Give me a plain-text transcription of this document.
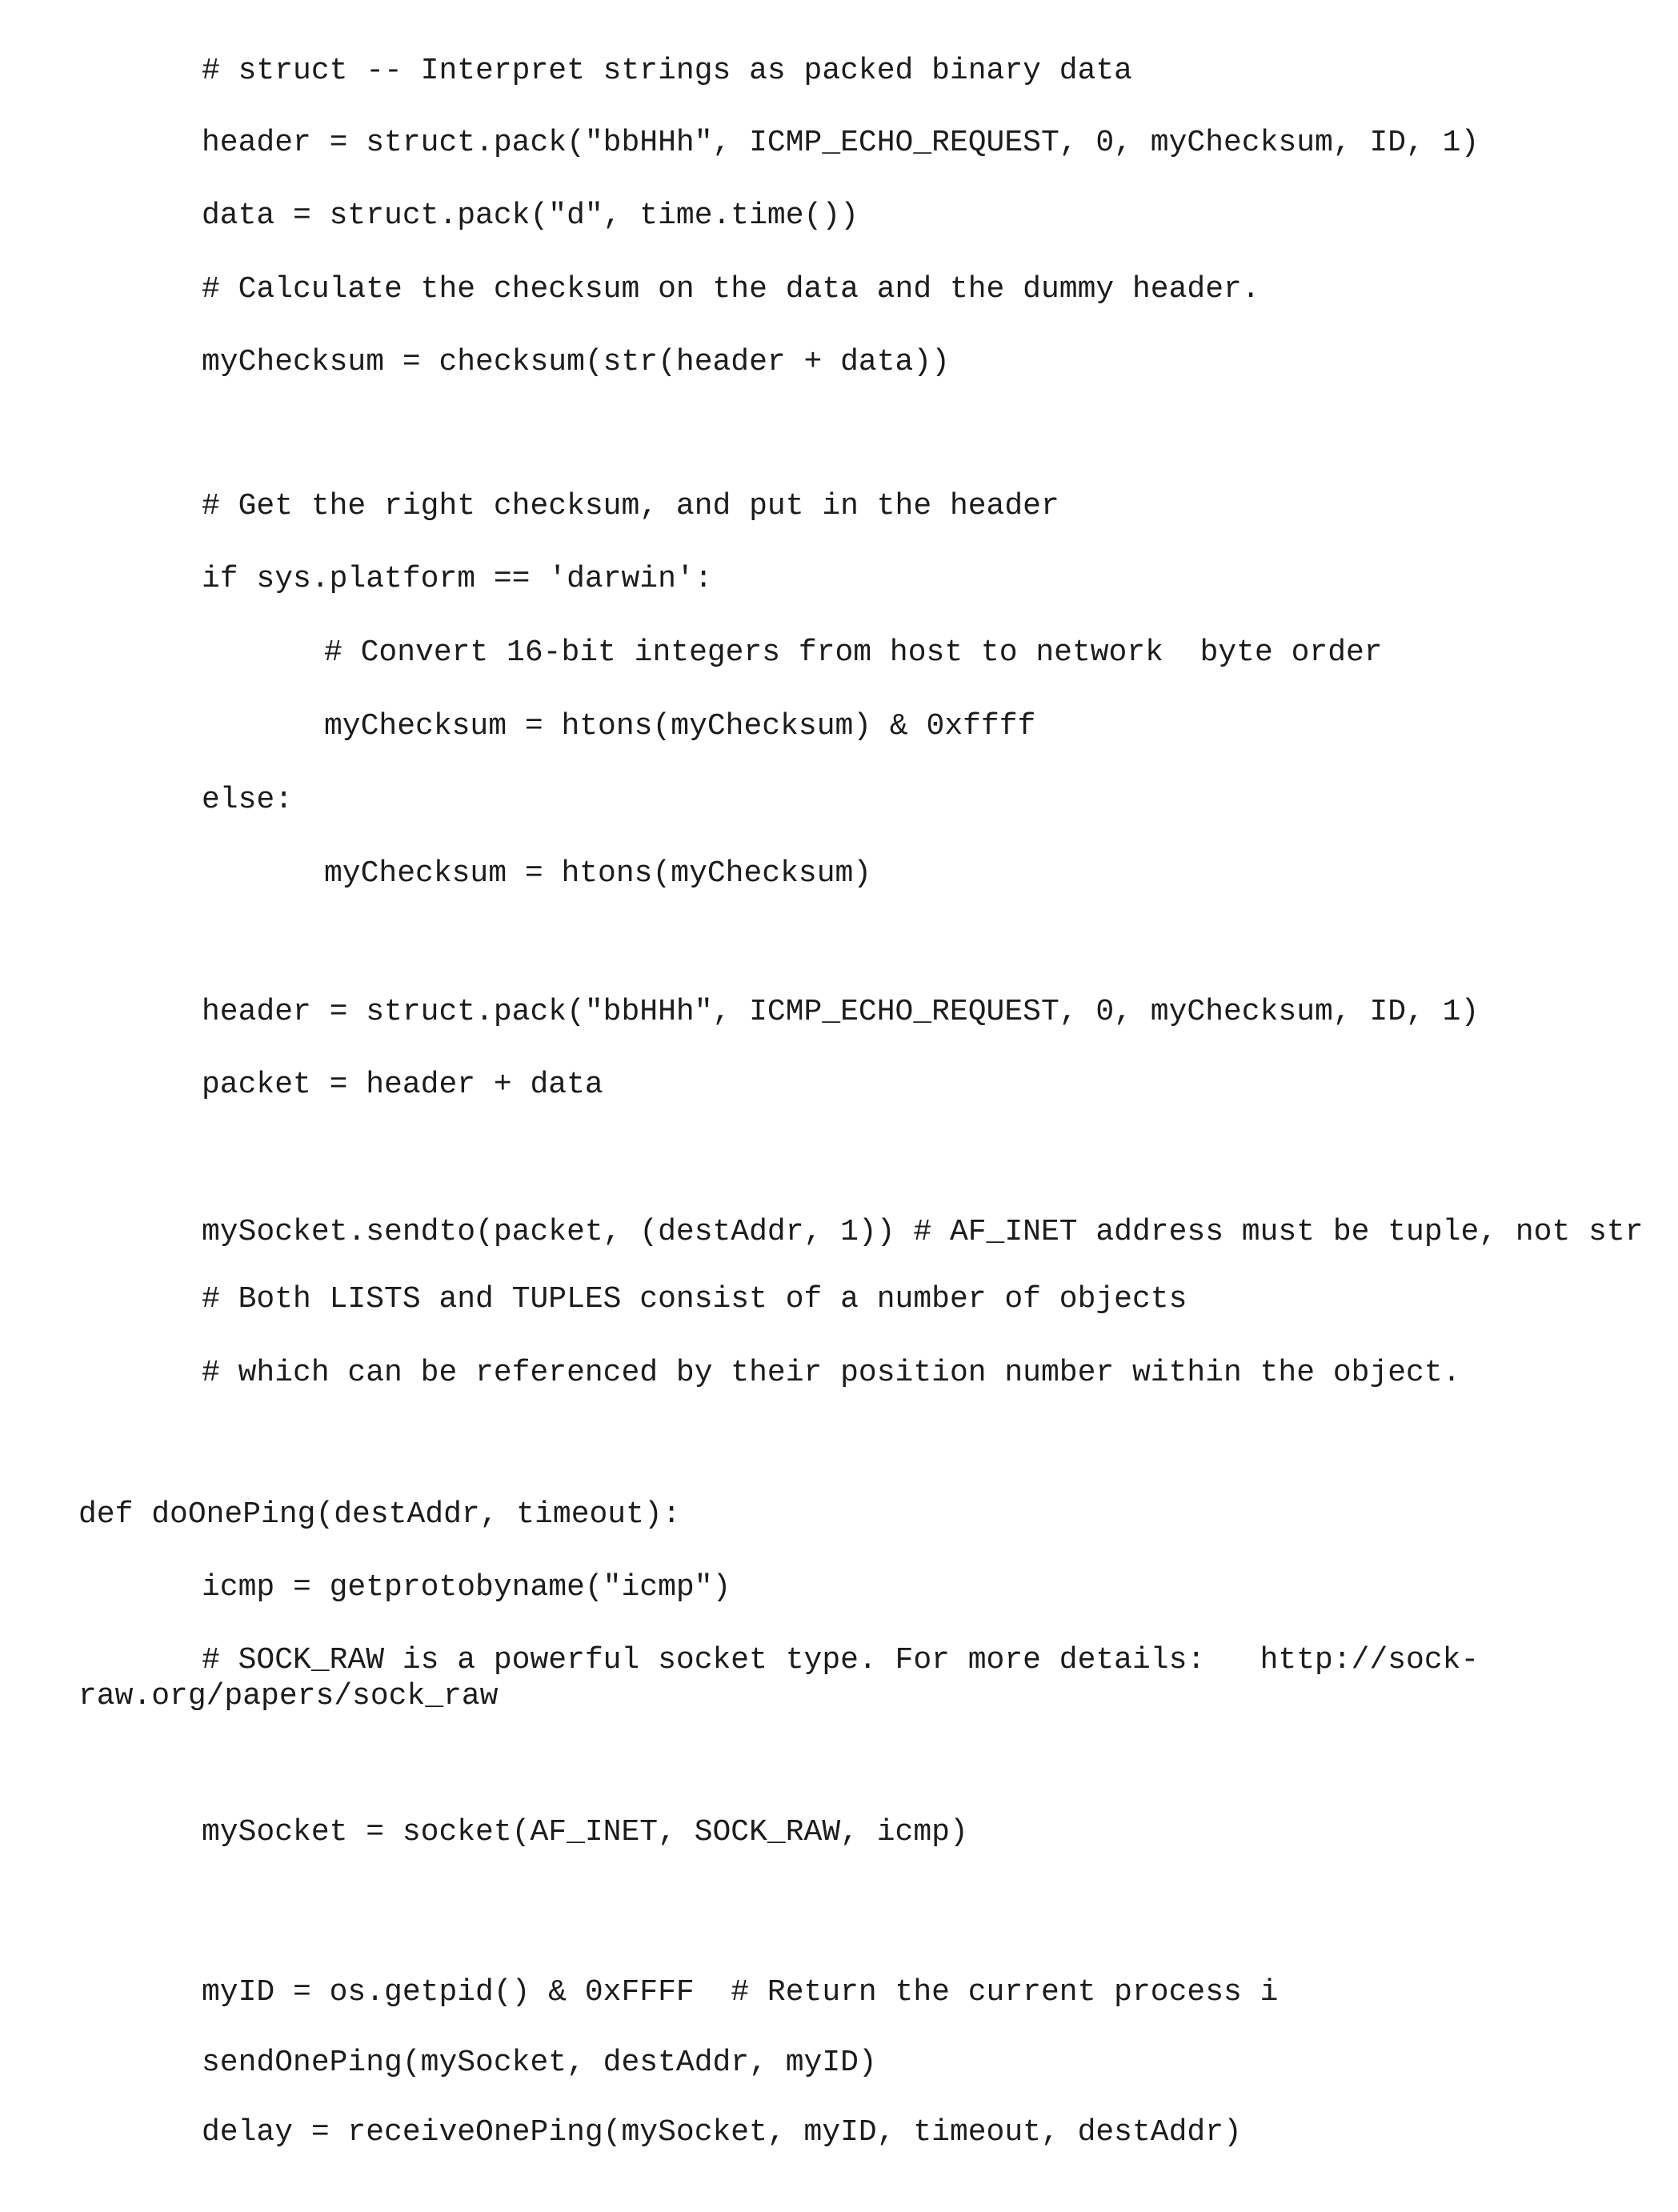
# struct -- Interpret strings as packed binary data
header = struct.pack("bbHHh", ICMP_ECHO_REQUEST, 0, myChecksum, ID, 1)
data = struct.pack("d", time.time())
# Calculate the checksum on the data and the dummy header.
myChecksum = checksum(str(header + data))
# Get the right checksum, and put in the header
if sys.platform == 'darwin':
# Convert 16-bit integers from host to network  byte order
myChecksum = htons(myChecksum) & 0xffff
else:
myChecksum = htons(myChecksum)
header = struct.pack("bbHHh", ICMP_ECHO_REQUEST, 0, myChecksum, ID, 1)
packet = header + data
mySocket.sendto(packet, (destAddr, 1)) # AF_INET address must be tuple, not str
# Both LISTS and TUPLES consist of a number of objects
# which can be referenced by their position number within the object.
def doOnePing(destAddr, timeout):
icmp = getprotobyname("icmp")
# SOCK_RAW is a powerful socket type. For more details:   http://sock-
raw.org/papers/sock_raw
mySocket = socket(AF_INET, SOCK_RAW, icmp)
myID = os.getpid() & 0xFFFF  # Return the current process i
sendOnePing(mySocket, destAddr, myID)
delay = receiveOnePing(mySocket, myID, timeout, destAddr)
